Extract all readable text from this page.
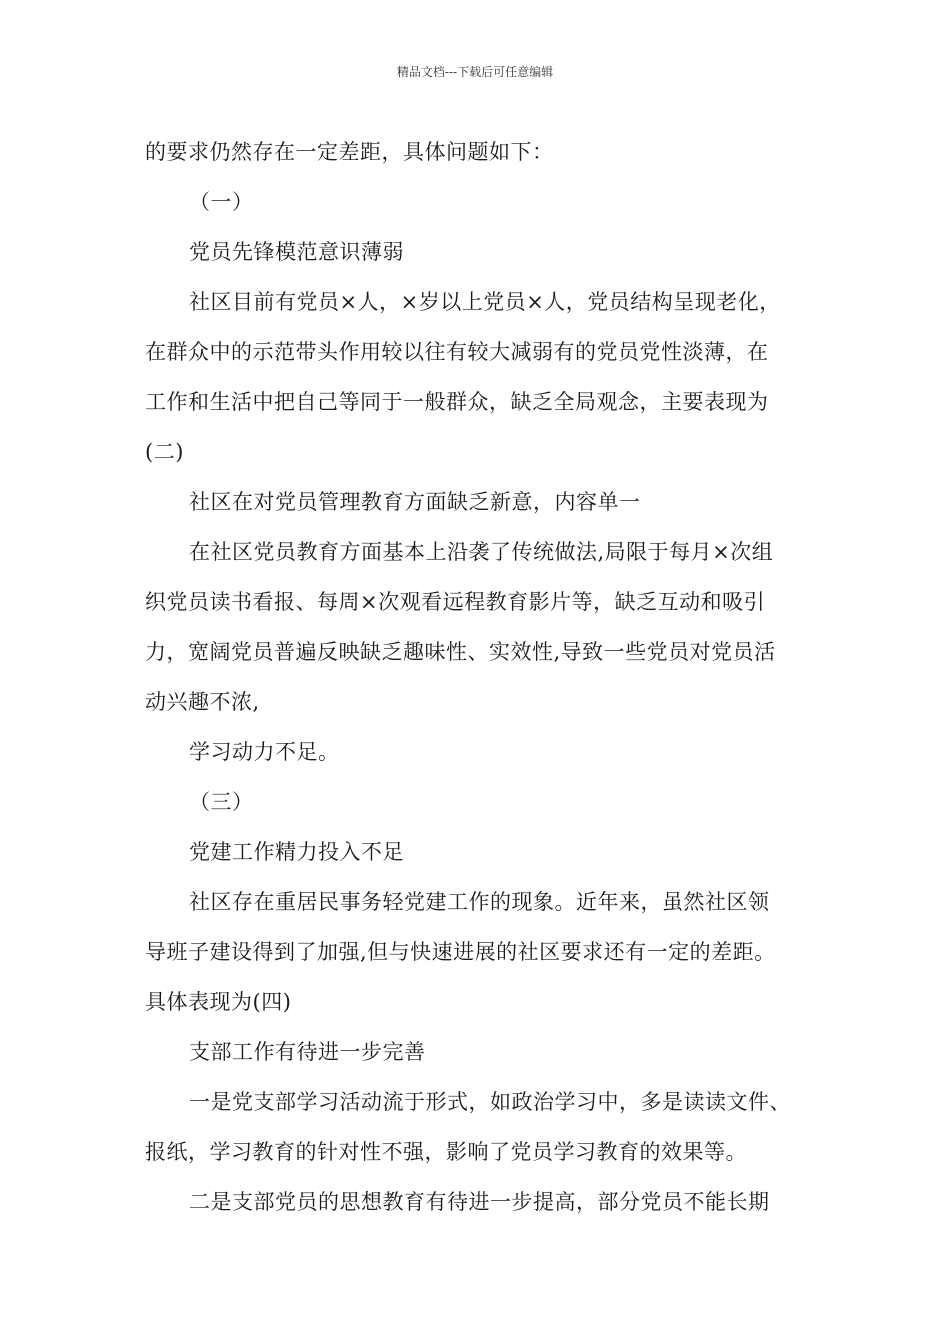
精品文档---下载后可任意编辑
的要求仍然存在一定差距，具体问题如下：
（一）
党员先锋模范意识薄弱
社区目前有党员×人，×岁以上党员×人，党员结构呈现老化，
在群众中的示范带头作用较以往有较大减弱有的党员党性淡薄，在
工作和生活中把自己等同于一般群众，缺乏全局观念，主要表现为
(二)
社区在对党员管理教育方面缺乏新意，内容单一
在社区党员教育方面基本上沿袭了传统做法,局限于每月×次组
织党员读书看报、每周×次观看远程教育影片等，缺乏互动和吸引
力，宽阔党员普遍反映缺乏趣味性、实效性,导致一些党员对党员活
动兴趣不浓,
学习动力不足。
（三）
党建工作精力投入不足
社区存在重居民事务轻党建工作的现象。近年来，虽然社区领
导班子建设得到了加强,但与快速进展的社区要求还有一定的差距。
具体表现为(四)
支部工作有待进一步完善
一是党支部学习活动流于形式，如政治学习中，多是读读文件、
报纸，学习教育的针对性不强，影响了党员学习教育的效果等。
二是支部党员的思想教育有待进一步提高，部分党员不能长期
